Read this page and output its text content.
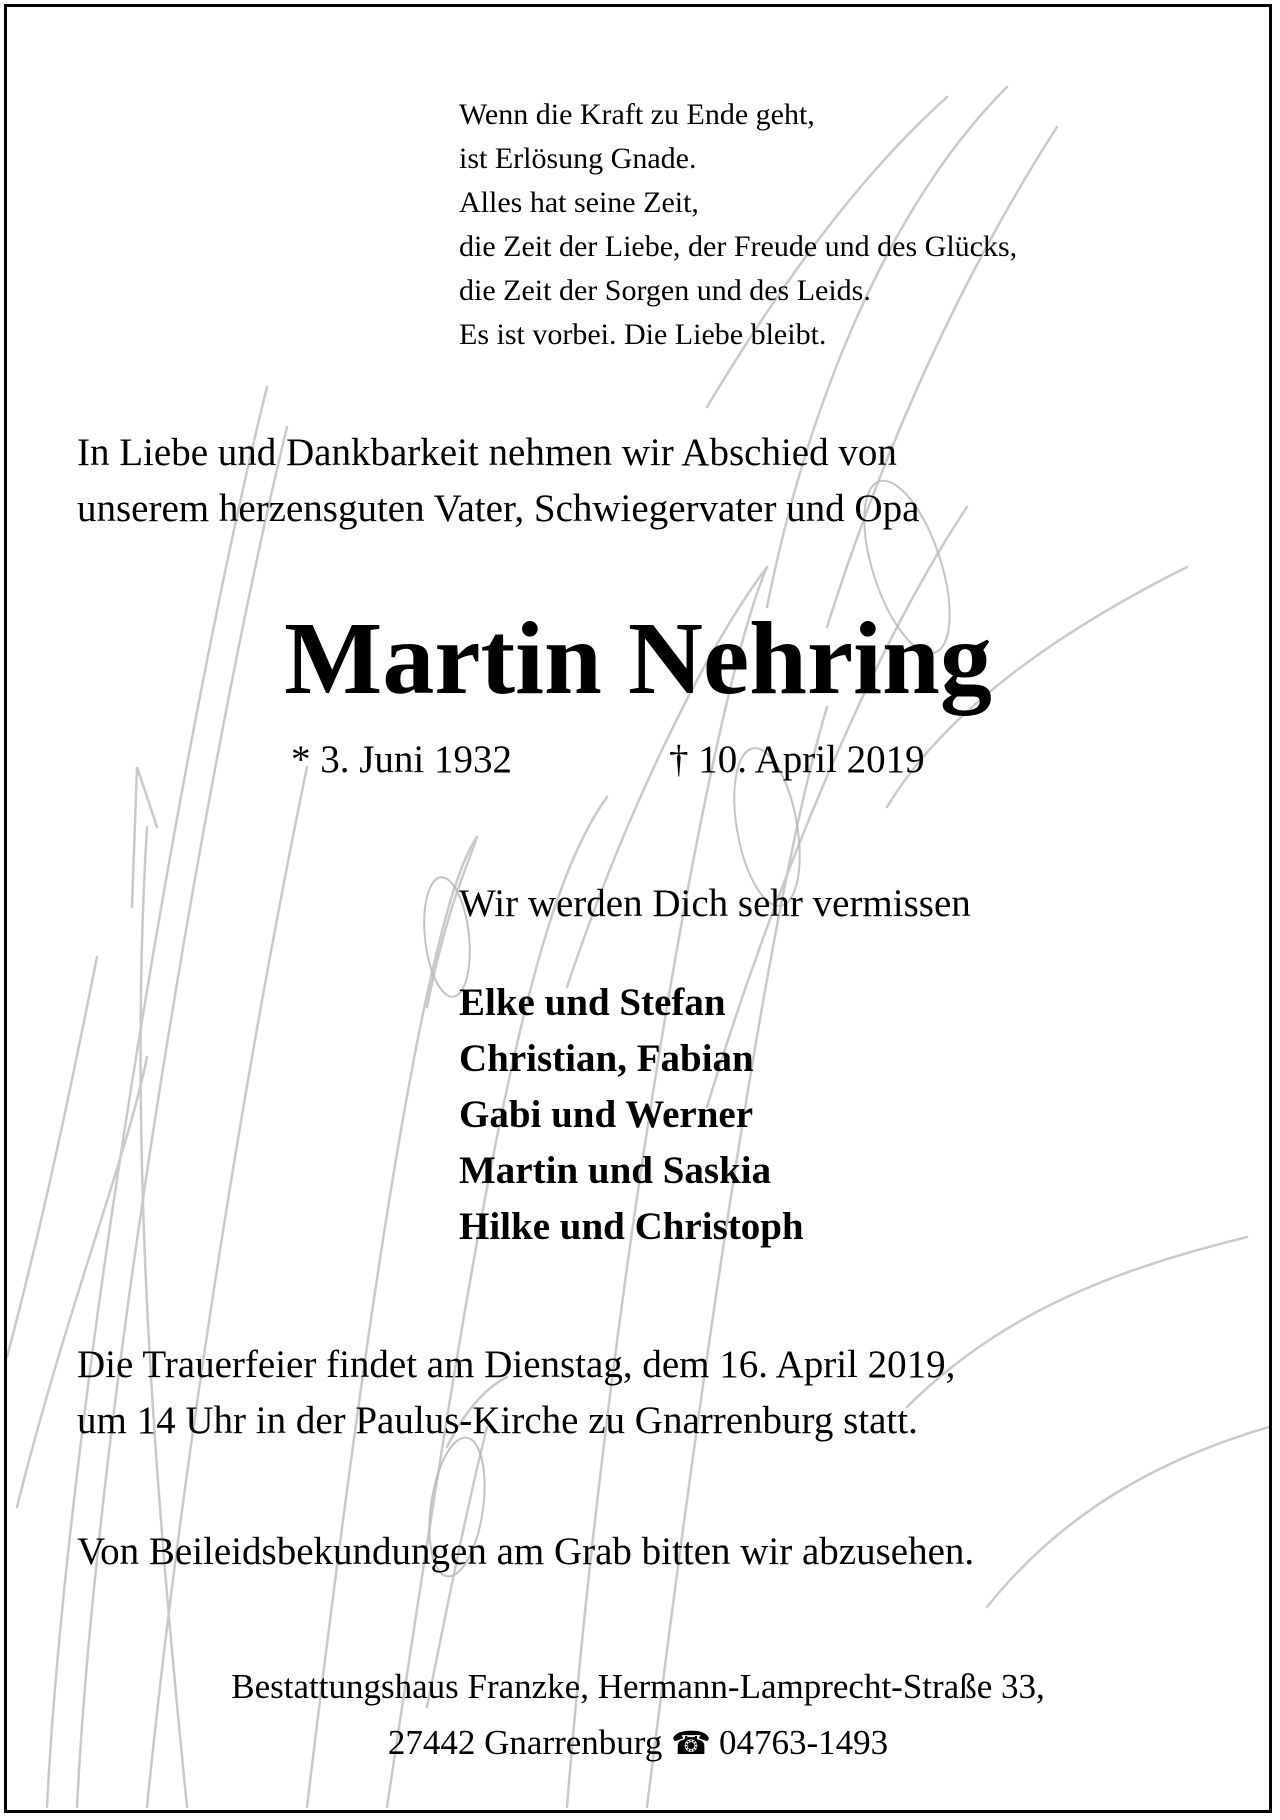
Wenn die Kraft zu Ende geht,
ist Erlösung Gnade.
Alles hat seine Zeit,
die Zeit der Liebe, der Freude und des Glücks,
die Zeit der Sorgen und des Leids.
Es ist vorbei. Die Liebe bleibt.
In Liebe und Dankbarkeit nehmen wir Abschied von
unserem herzensguten Vater, Schwiegervater und Opa
Martin Nehring
* 3. Juni 1932	† 10. April 2019
Wir werden Dich sehr vermissen
Elke und Stefan
Christian, Fabian
Gabi und Werner
Martin und Saskia
Hilke und Christoph
Die Trauerfeier findet am Dienstag, dem 16. April 2019,
um 14 Uhr in der Paulus-Kirche zu Gnarrenburg statt.
Von Beileidsbekundungen am Grab bitten wir abzusehen.
Bestattungshaus Franzke, Hermann-Lamprecht-Straße 33,
27442 Gnarrenburg ☎ 04763-1493
